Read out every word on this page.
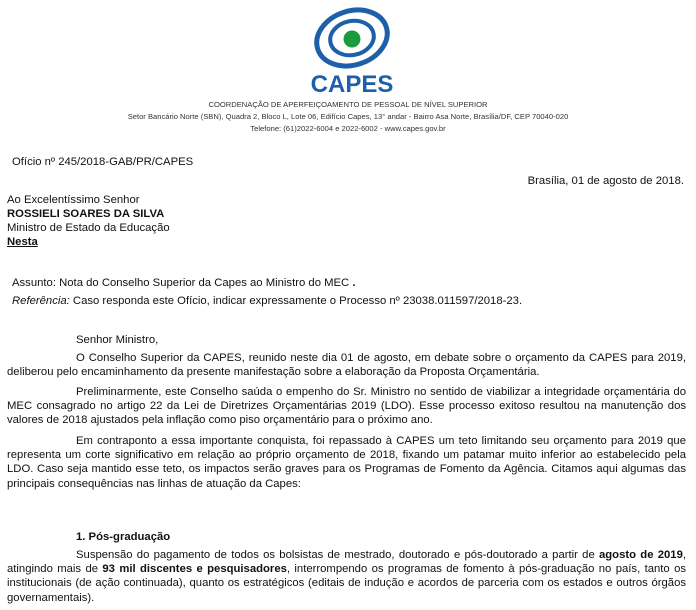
CAPES
COORDENAÇÃO DE APERFEIÇOAMENTO DE PESSOAL DE NÍVEL SUPERIOR
Setor Bancário Norte (SBN), Quadra 2, Bloco L, Lote 06, Edifício Capes, 13° andar - Bairro Asa Norte, Brasília/DF, CEP 70040-020
Telefone: (61)2022-6004 e 2022-6002 - www.capes.gov.br
Ofício nº 245/2018-GAB/PR/CAPES
Brasília, 01 de agosto de 2018.
Ao Excelentíssimo Senhor
ROSSIELI SOARES DA SILVA
Ministro de Estado da Educação
Nesta
Assunto: Nota do Conselho Superior da Capes ao Ministro do MEC .
Referência: Caso responda este Ofício, indicar expressamente o Processo nº 23038.011597/2018-23.
Senhor Ministro,
O Conselho Superior da CAPES, reunido neste dia 01 de agosto, em debate sobre o orçamento da CAPES para 2019, deliberou pelo encaminhamento da presente manifestação sobre a elaboração da Proposta Orçamentária.
Preliminarmente, este Conselho saúda o empenho do Sr. Ministro no sentido de viabilizar a integridade orçamentária do MEC consagrado no artigo 22 da Lei de Diretrizes Orçamentárias 2019 (LDO). Esse processo exitoso resultou na manutenção dos valores de 2018 ajustados pela inflação como piso orçamentário para o próximo ano.
Em contraponto a essa importante conquista, foi repassado à CAPES um teto limitando seu orçamento para 2019 que representa um corte significativo em relação ao próprio orçamento de 2018, fixando um patamar muito inferior ao estabelecido pela LDO. Caso seja mantido esse teto, os impactos serão graves para os Programas de Fomento da Agência. Citamos aqui algumas das principais consequências nas linhas de atuação da Capes:
1. Pós-graduação
Suspensão do pagamento de todos os bolsistas de mestrado, doutorado e pós-doutorado a partir de agosto de 2019, atingindo mais de 93 mil discentes e pesquisadores, interrompendo os programas de fomento à pós-graduação no país, tanto os institucionais (de ação continuada), quanto os estratégicos (editais de indução e acordos de parceria com os estados e outros órgãos governamentais).
